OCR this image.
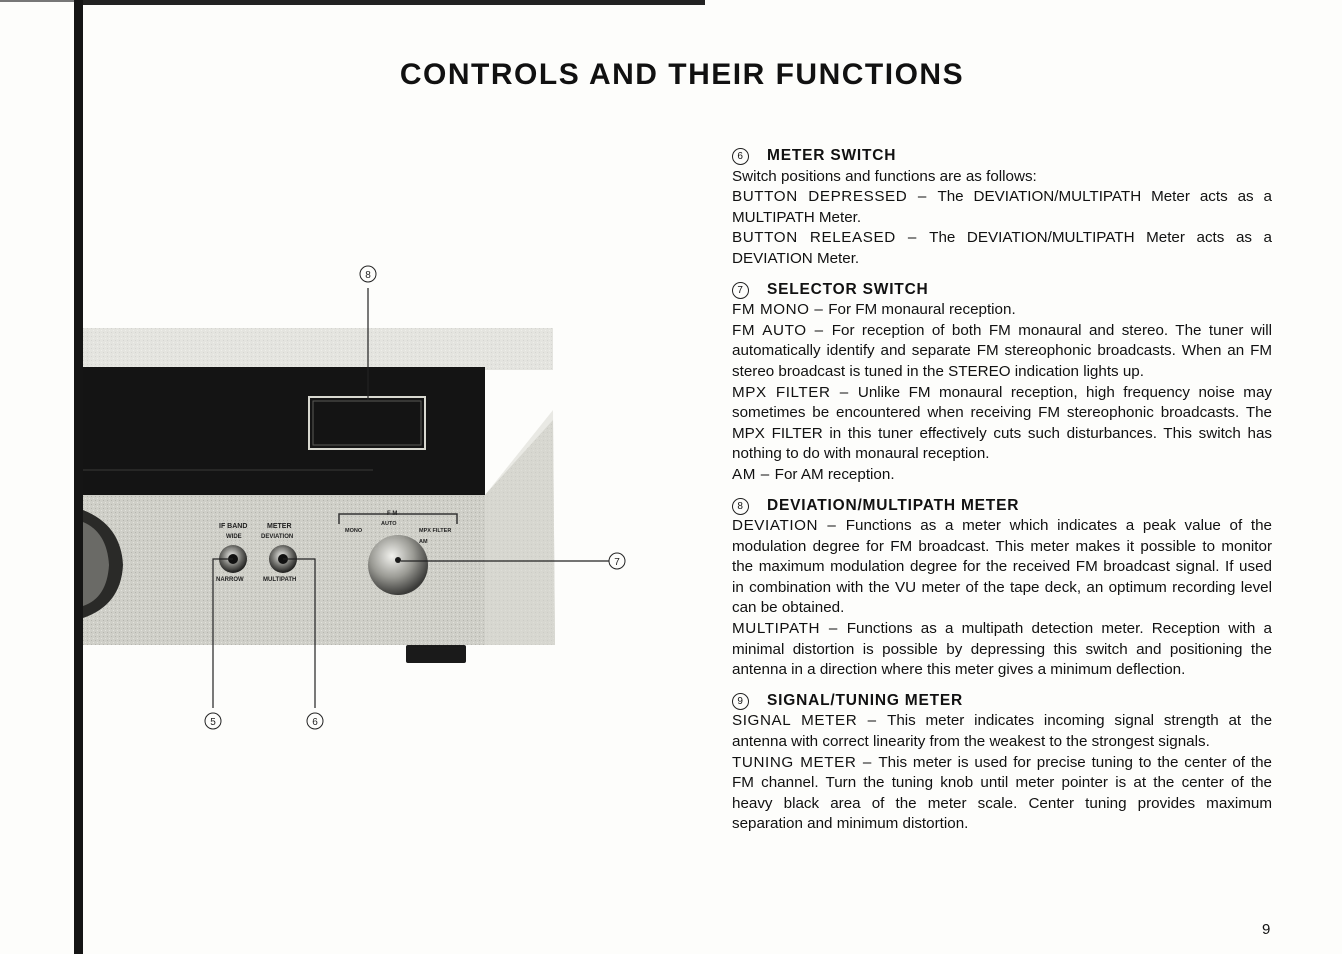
CONTROLS AND THEIR FUNCTIONS
IF BAND
WIDE
METER
DEVIATION
NARROW	MULTIPATH
F M
AUTO
MONO	MPX FILTER
AM
8
7
5	6
6 METER SWITCH

Switch positions and functions are as follows:

BUTTON DEPRESSED – The DEVIATION/MULTIPATH Meter acts as a MULTIPATH Meter.

BUTTON RELEASED – The DEVIATION/MULTIPATH Meter acts as a DEVIATION Meter.

7 SELECTOR SWITCH

FM MONO – For FM monaural reception.

FM AUTO – For reception of both FM monaural and stereo. The tuner will automatically identify and separate FM stereophonic broadcasts. When an FM stereo broadcast is tuned in the STEREO indication lights up.

MPX FILTER – Unlike FM monaural reception, high frequency noise may sometimes be encountered when receiving FM stereophonic broadcasts. The MPX FILTER in this tuner effectively cuts such disturbances. This switch has nothing to do with monaural reception.

AM – For AM reception.

8 DEVIATION/MULTIPATH METER

DEVIATION – Functions as a meter which indicates a peak value of the modulation degree for FM broadcast. This meter makes it possible to monitor the maximum modulation degree for the received FM broadcast signal. If used in combination with the VU meter of the tape deck, an optimum recording level can be obtained.

MULTIPATH – Functions as a multipath detection meter. Reception with a minimal distortion is possible by depressing this switch and positioning the antenna in a direction where this meter gives a minimum deflection.

9 SIGNAL/TUNING METER

SIGNAL METER – This meter indicates incoming signal strength at the antenna with correct linearity from the weakest to the strongest signals.

TUNING METER – This meter is used for precise tuning to the center of the FM channel. Turn the tuning knob until meter pointer is at the center of the heavy black area of the meter scale. Center tuning provides maximum separation and minimum distortion.

9
